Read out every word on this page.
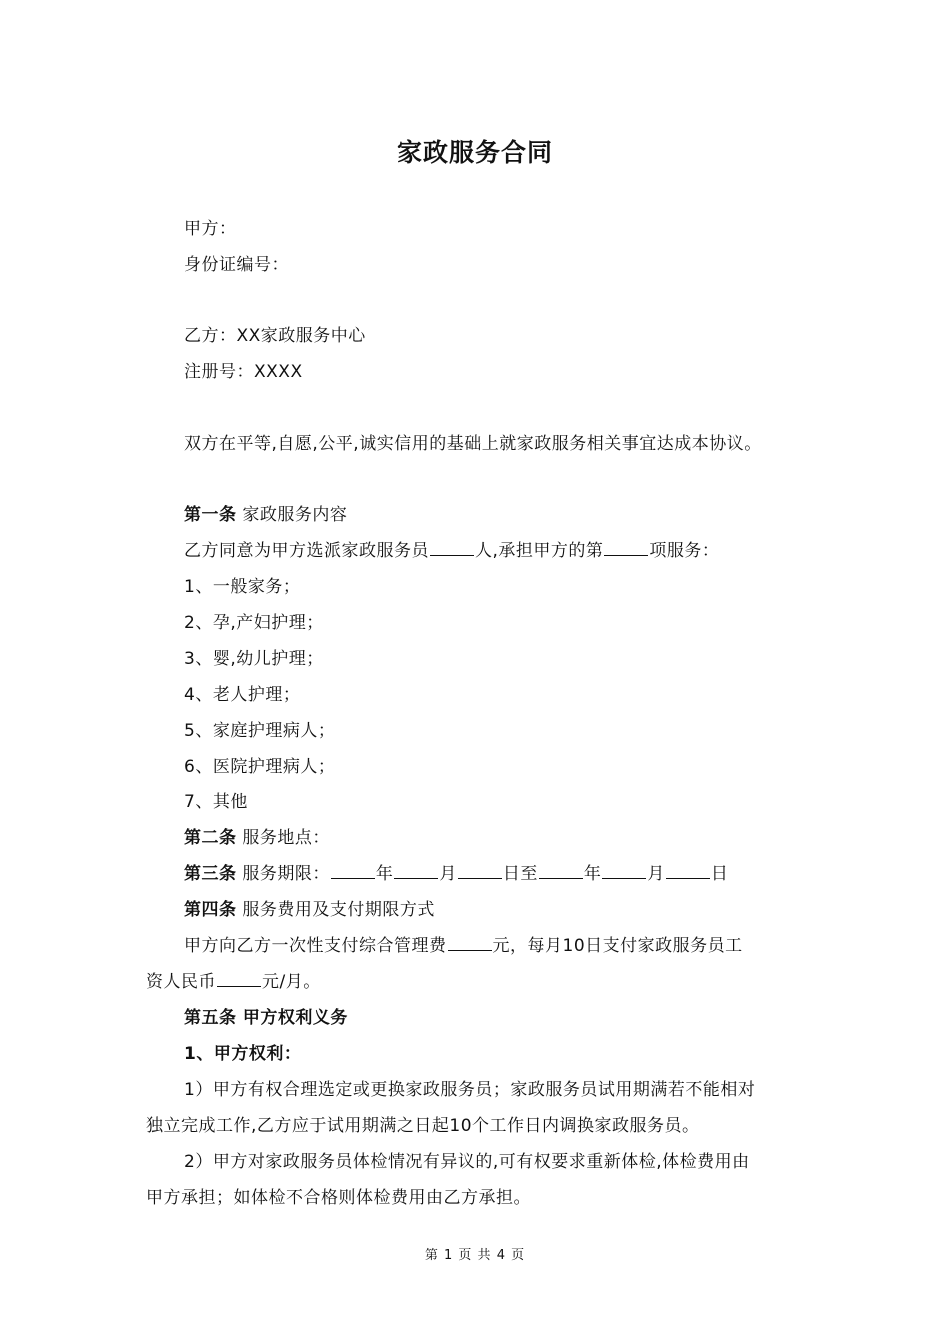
家政服务合同
甲方：
身份证编号：
乙方：XX家政服务中心
注册号：XXXX
双方在平等,自愿,公平,诚实信用的基础上就家政服务相关事宜达成本协议。
第一条 家政服务内容
乙方同意为甲方选派家政服务员	人,承担甲方的第	项服务：
1、一般家务；
2、孕,产妇护理；
3、婴,幼儿护理；
4、老人护理；
5、家庭护理病人；
6、医院护理病人；
7、其他
第二条 服务地点：
第三条 服务期限：	年	月	日至	年	月	日
第四条 服务费用及支付期限方式
甲方向乙方一次性支付综合管理费	元，每月10日支付家政服务员工
资人民币	元/月。
第五条 甲方权利义务
1、甲方权利：
1）甲方有权合理选定或更换家政服务员；家政服务员试用期满若不能相对
独立完成工作,乙方应于试用期满之日起10个工作日内调换家政服务员。
2）甲方对家政服务员体检情况有异议的,可有权要求重新体检,体检费用由
甲方承担；如体检不合格则体检费用由乙方承担。
第 1 页 共 4 页
